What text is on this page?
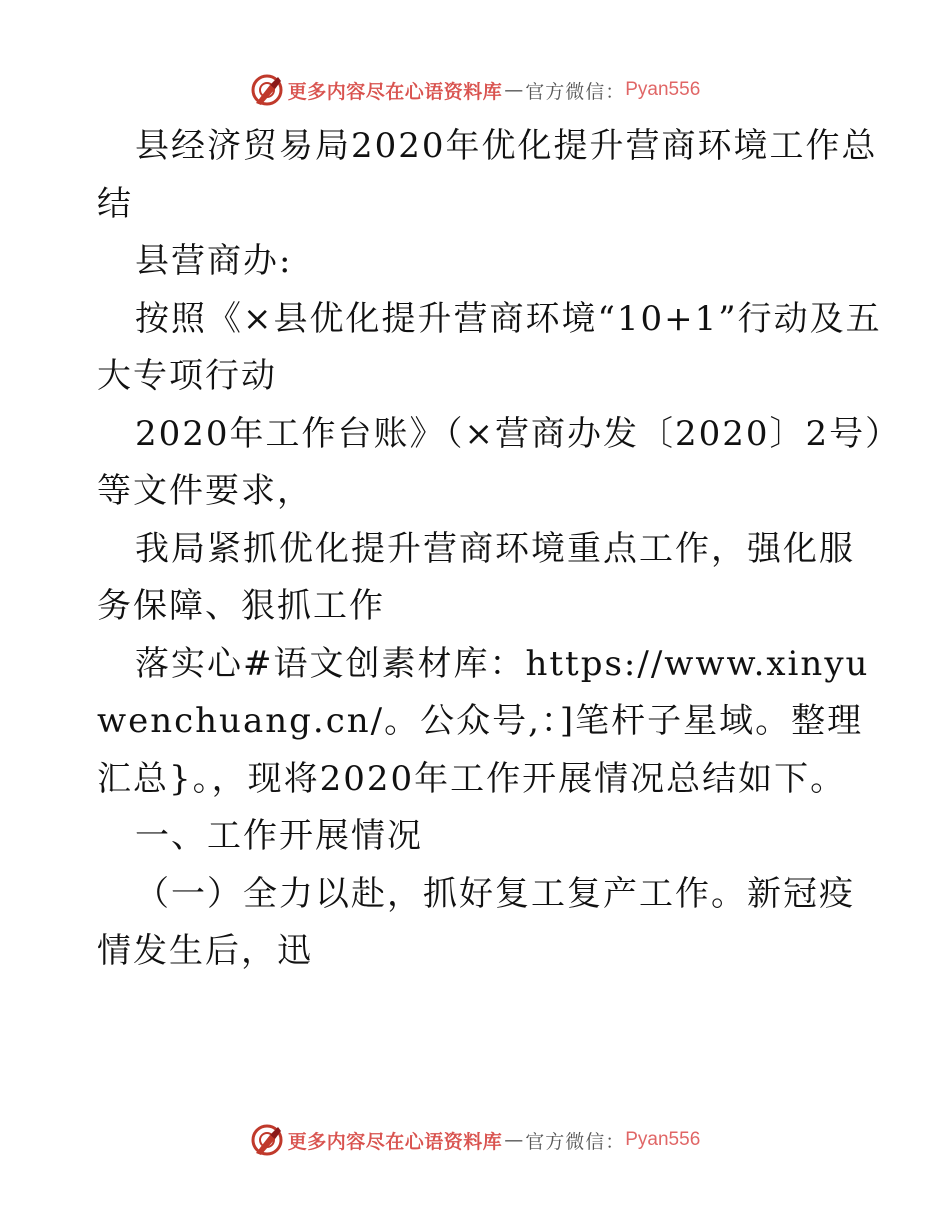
更多内容尽在心语资料库 — 官方微信： Pyan556

县经济贸易局2020年优化提升营商环境工作总结

县营商办:

按照《×县优化提升营商环境“10+1”行动及五大专项行动

2020年工作台账》（×营商办发〔2020〕2号）等文件要求，

我局紧抓优化提升营商环境重点工作，强化服务保障、狠抓工作

落实心#语文创素材库：https://www.xinyuwenchuang.cn/。公众号,：]笔杆子星域。整理汇总}。，现将2020年工作开展情况总结如下。

一、工作开展情况

（一）全力以赴，抓好复工复产工作。新冠疫情发生后，迅

更多内容尽在心语资料库 — 官方微信： Pyan556
